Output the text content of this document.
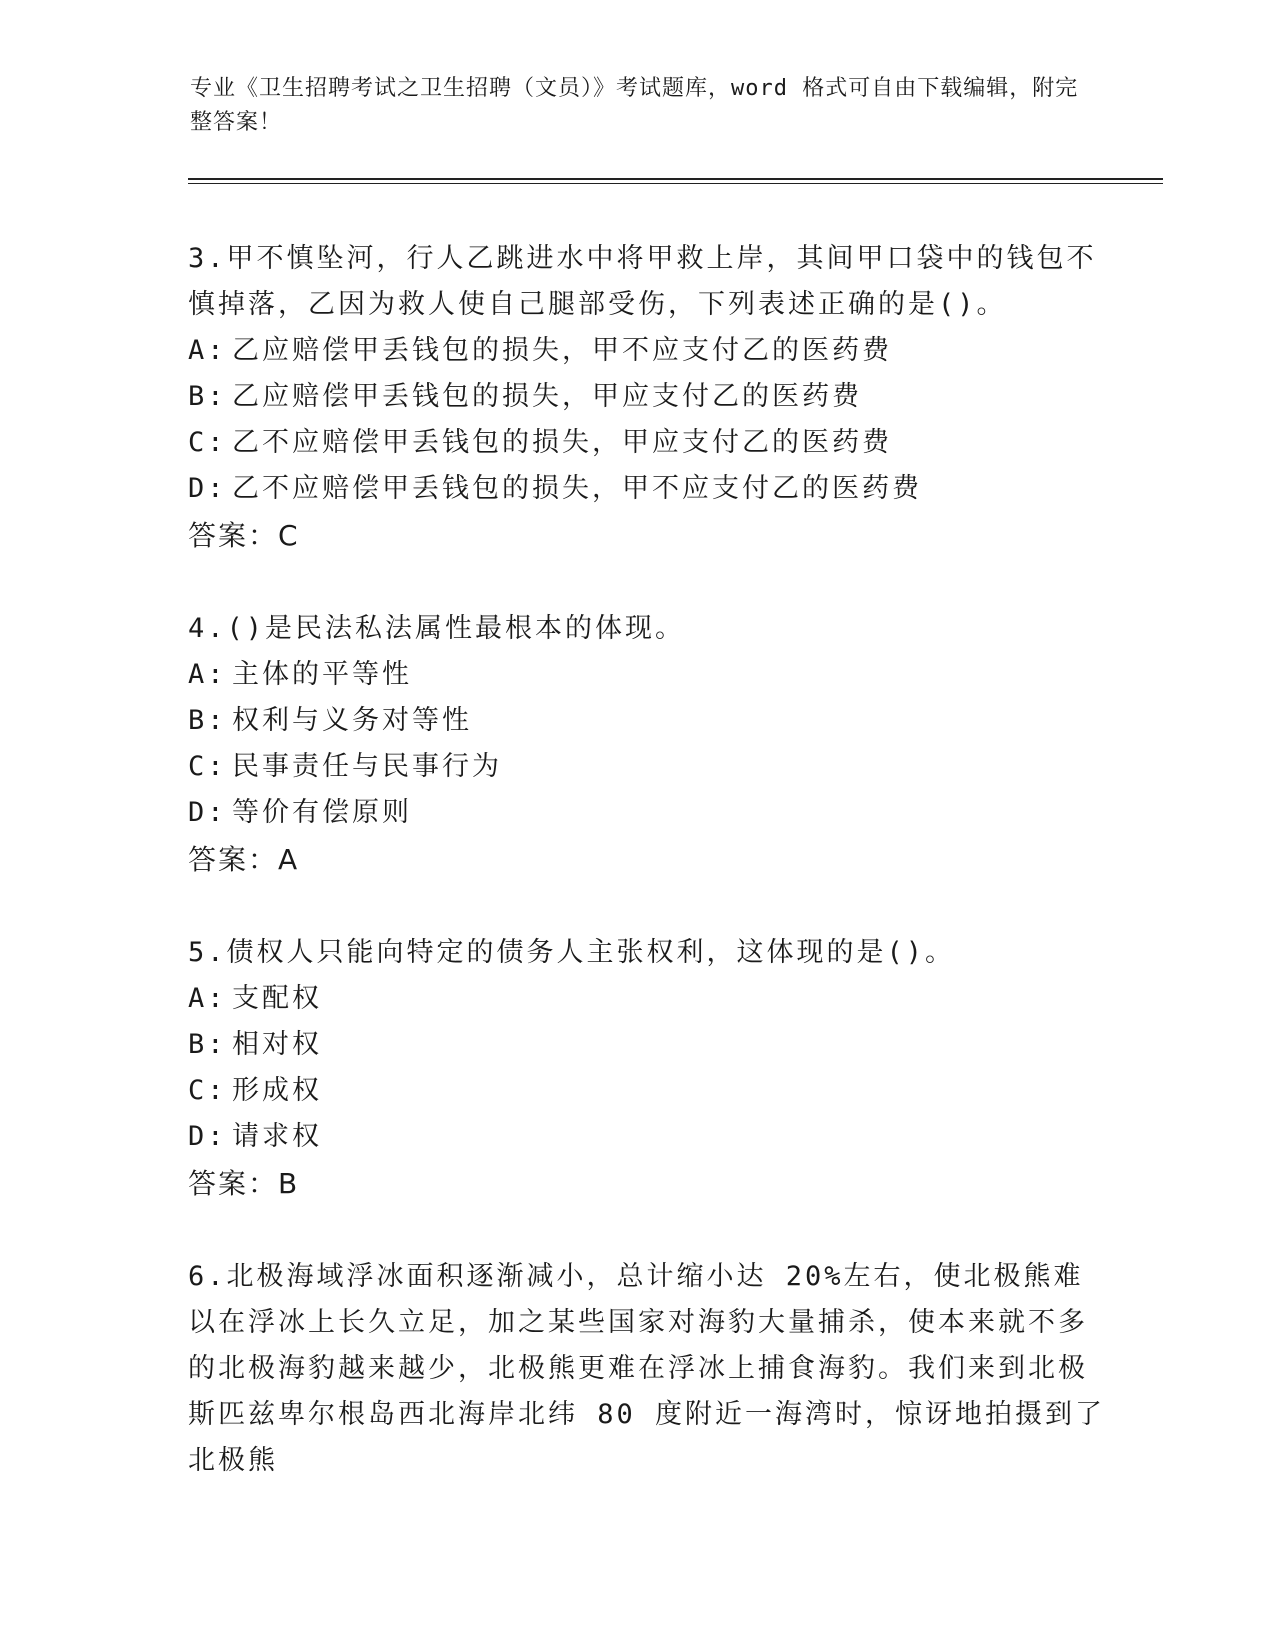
专业《卫生招聘考试之卫生招聘（文员）》考试题库，word 格式可自由下载编辑，附完整答案！
3.甲不慎坠河，行人乙跳进水中将甲救上岸，其间甲口袋中的钱包不慎掉落，乙因为救人使自己腿部受伤，下列表述正确的是()。
A: 乙应赔偿甲丢钱包的损失，甲不应支付乙的医药费
B: 乙应赔偿甲丢钱包的损失，甲应支付乙的医药费
C: 乙不应赔偿甲丢钱包的损失，甲应支付乙的医药费
D: 乙不应赔偿甲丢钱包的损失，甲不应支付乙的医药费
答案：C
4.()是民法私法属性最根本的体现。
A: 主体的平等性
B: 权利与义务对等性
C: 民事责任与民事行为
D: 等价有偿原则
答案：A
5.债权人只能向特定的债务人主张权利，这体现的是()。
A: 支配权
B: 相对权
C: 形成权
D: 请求权
答案：B
6.北极海域浮冰面积逐渐减小，总计缩小达 20%左右，使北极熊难以在浮冰上长久立足，加之某些国家对海豹大量捕杀，使本来就不多的北极海豹越来越少，北极熊更难在浮冰上捕食海豹。我们来到北极斯匹兹卑尔根岛西北海岸北纬 80 度附近一海湾时，惊讶地拍摄到了北极熊
